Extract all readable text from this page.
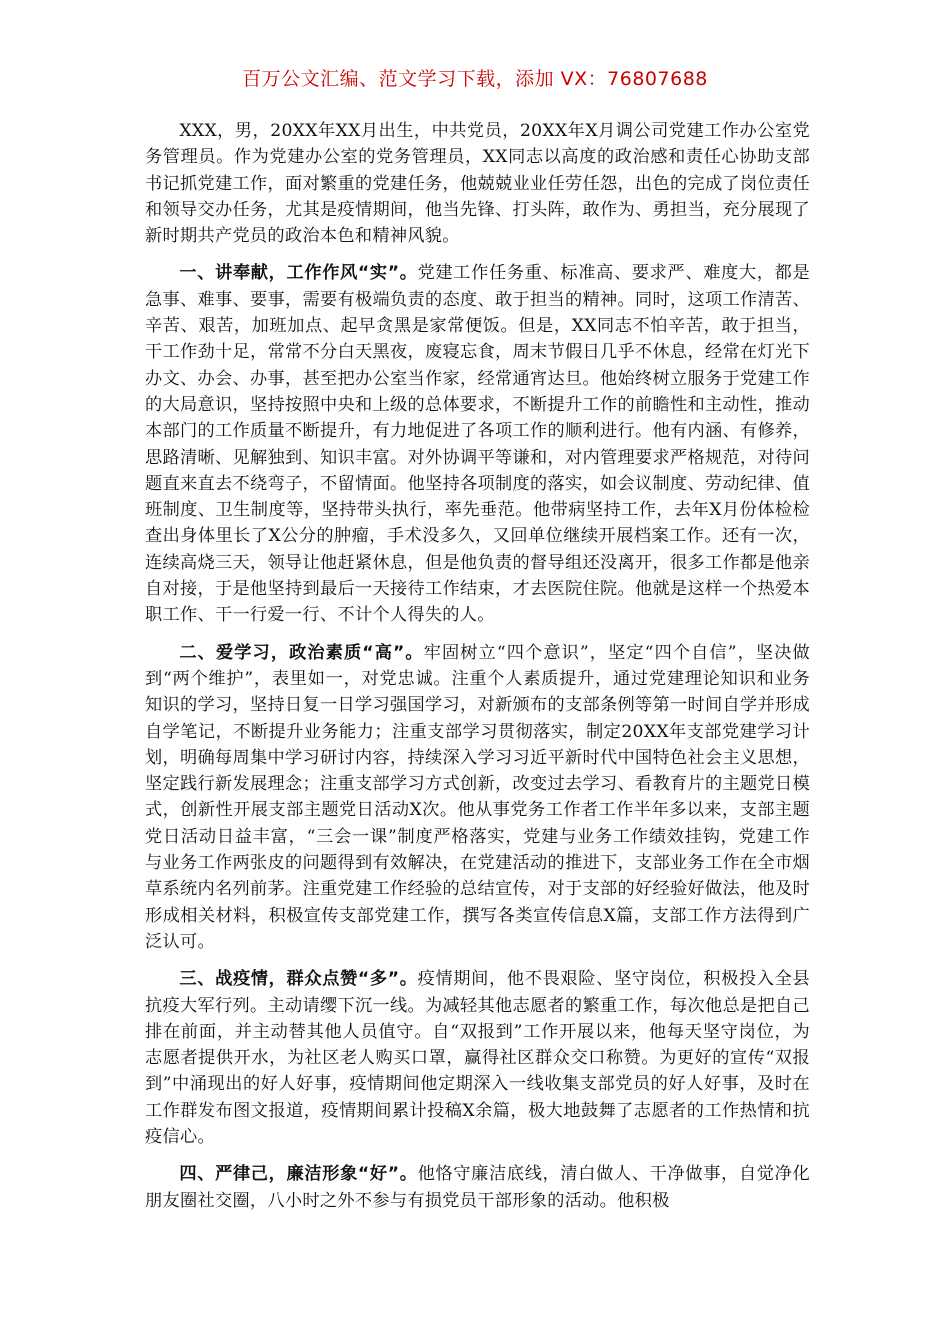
百万公文汇编、范文学习下载，添加 VX：76807688

XXX，男，20XX年XX月出生，中共党员，20XX年X月调公司党建工作办公室党务管理员。作为党建办公室的党务管理员，XX同志以高度的政治感和责任心协助支部书记抓党建工作，面对繁重的党建任务，他兢兢业业任劳任怨，出色的完成了岗位责任和领导交办任务，尤其是疫情期间，他当先锋、打头阵，敢作为、勇担当，充分展现了新时期共产党员的政治本色和精神风貌。

一、讲奉献，工作作风“实”。党建工作任务重、标准高、要求严、难度大，都是急事、难事、要事，需要有极端负责的态度、敢于担当的精神。同时，这项工作清苦、辛苦、艰苦，加班加点、起早贪黑是家常便饭。但是，XX同志不怕辛苦，敢于担当，干工作劲十足，常常不分白天黑夜，废寝忘食，周末节假日几乎不休息，经常在灯光下办文、办会、办事，甚至把办公室当作家，经常通宵达旦。他始终树立服务于党建工作的大局意识，坚持按照中央和上级的总体要求，不断提升工作的前瞻性和主动性，推动本部门的工作质量不断提升，有力地促进了各项工作的顺利进行。他有内涵、有修养，思路清晰、见解独到、知识丰富。对外协调平等谦和，对内管理要求严格规范，对待问题直来直去不绕弯子，不留情面。他坚持各项制度的落实，如会议制度、劳动纪律、值班制度、卫生制度等，坚持带头执行，率先垂范。他带病坚持工作，去年X月份体检检查出身体里长了X公分的肿瘤，手术没多久，又回单位继续开展档案工作。还有一次，连续高烧三天，领导让他赶紧休息，但是他负责的督导组还没离开，很多工作都是他亲自对接，于是他坚持到最后一天接待工作结束，才去医院住院。他就是这样一个热爱本职工作、干一行爱一行、不计个人得失的人。

二、爱学习，政治素质“高”。牢固树立“四个意识”，坚定“四个自信”，坚决做到“两个维护”，表里如一，对党忠诚。注重个人素质提升，通过党建理论知识和业务知识的学习，坚持日复一日学习强国学习，对新颁布的支部条例等第一时间自学并形成自学笔记，不断提升业务能力；注重支部学习贯彻落实，制定20XX年支部党建学习计划，明确每周集中学习研讨内容，持续深入学习习近平新时代中国特色社会主义思想，坚定践行新发展理念；注重支部学习方式创新，改变过去学习、看教育片的主题党日模式，创新性开展支部主题党日活动X次。他从事党务工作者工作半年多以来，支部主题党日活动日益丰富，“三会一课”制度严格落实，党建与业务工作绩效挂钩，党建工作与业务工作两张皮的问题得到有效解决，在党建活动的推进下，支部业务工作在全市烟草系统内名列前茅。注重党建工作经验的总结宣传，对于支部的好经验好做法，他及时形成相关材料，积极宣传支部党建工作，撰写各类宣传信息X篇，支部工作方法得到广泛认可。

三、战疫情，群众点赞“多”。疫情期间，他不畏艰险、坚守岗位，积极投入全县抗疫大军行列。主动请缨下沉一线。为减轻其他志愿者的繁重工作，每次他总是把自己排在前面，并主动替其他人员值守。自“双报到”工作开展以来，他每天坚守岗位，为志愿者提供开水，为社区老人购买口罩，赢得社区群众交口称赞。为更好的宣传“双报到”中涌现出的好人好事，疫情期间他定期深入一线收集支部党员的好人好事，及时在工作群发布图文报道，疫情期间累计投稿X余篇，极大地鼓舞了志愿者的工作热情和抗疫信心。

四、严律己，廉洁形象“好”。他恪守廉洁底线，清白做人、干净做事，自觉净化朋友圈社交圈，八小时之外不参与有损党员干部形象的活动。他积极
